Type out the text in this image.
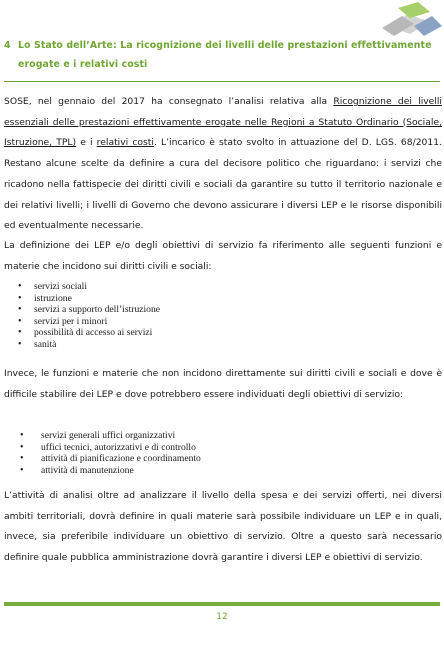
4 Lo Stato dell’Arte: La ricognizione dei livelli delle prestazioni effettivamente
erogate e i relativi costi
SOSE, nel gennaio del 2017 ha consegnato l’analisi relativa alla Ricognizione dei livelli essenziali delle prestazioni effettivamente erogate nelle Regioni a Statuto Ordinario (Sociale, Istruzione, TPL) e i relativi costi. L’incarico è stato svolto in attuazione del D. LGS. 68/2011. Restano alcune scelte da definire a cura del decisore politico che riguardano: i servizi che ricadono nella fattispecie dei diritti civili e sociali da garantire su tutto il territorio nazionale e dei relativi livelli; i livelli di Governo che devono assicurare i diversi LEP e le risorse disponibili ed eventualmente necessarie.
La definizione dei LEP e/o degli obiettivi di servizio fa riferimento alle seguenti funzioni e materie che incidono sui diritti civili e sociali:
• servizi sociali
• istruzione
• servizi a supporto dell’istruzione
• servizi per i minori
• possibilità di accesso ai servizi
• sanità
Invece, le funzioni e materie che non incidono direttamente sui diritti civili e sociali e dove è difficile stabilire dei LEP e dove potrebbero essere individuati degli obiettivi di servizio:
• servizi generali uffici organizzativi
• uffici tecnici, autorizzativi e di controllo
• attività di pianificazione e coordinamento
• attività di manutenzione
L’attività di analisi oltre ad analizzare il livello della spesa e dei servizi offerti, nei diversi ambiti territoriali, dovrà definire in quali materie sarà possibile individuare un LEP e in quali, invece, sia preferibile individuare un obiettivo di servizio. Oltre a questo sarà necessario definire quale pubblica amministrazione dovrà garantire i diversi LEP e obiettivi di servizio.
12
